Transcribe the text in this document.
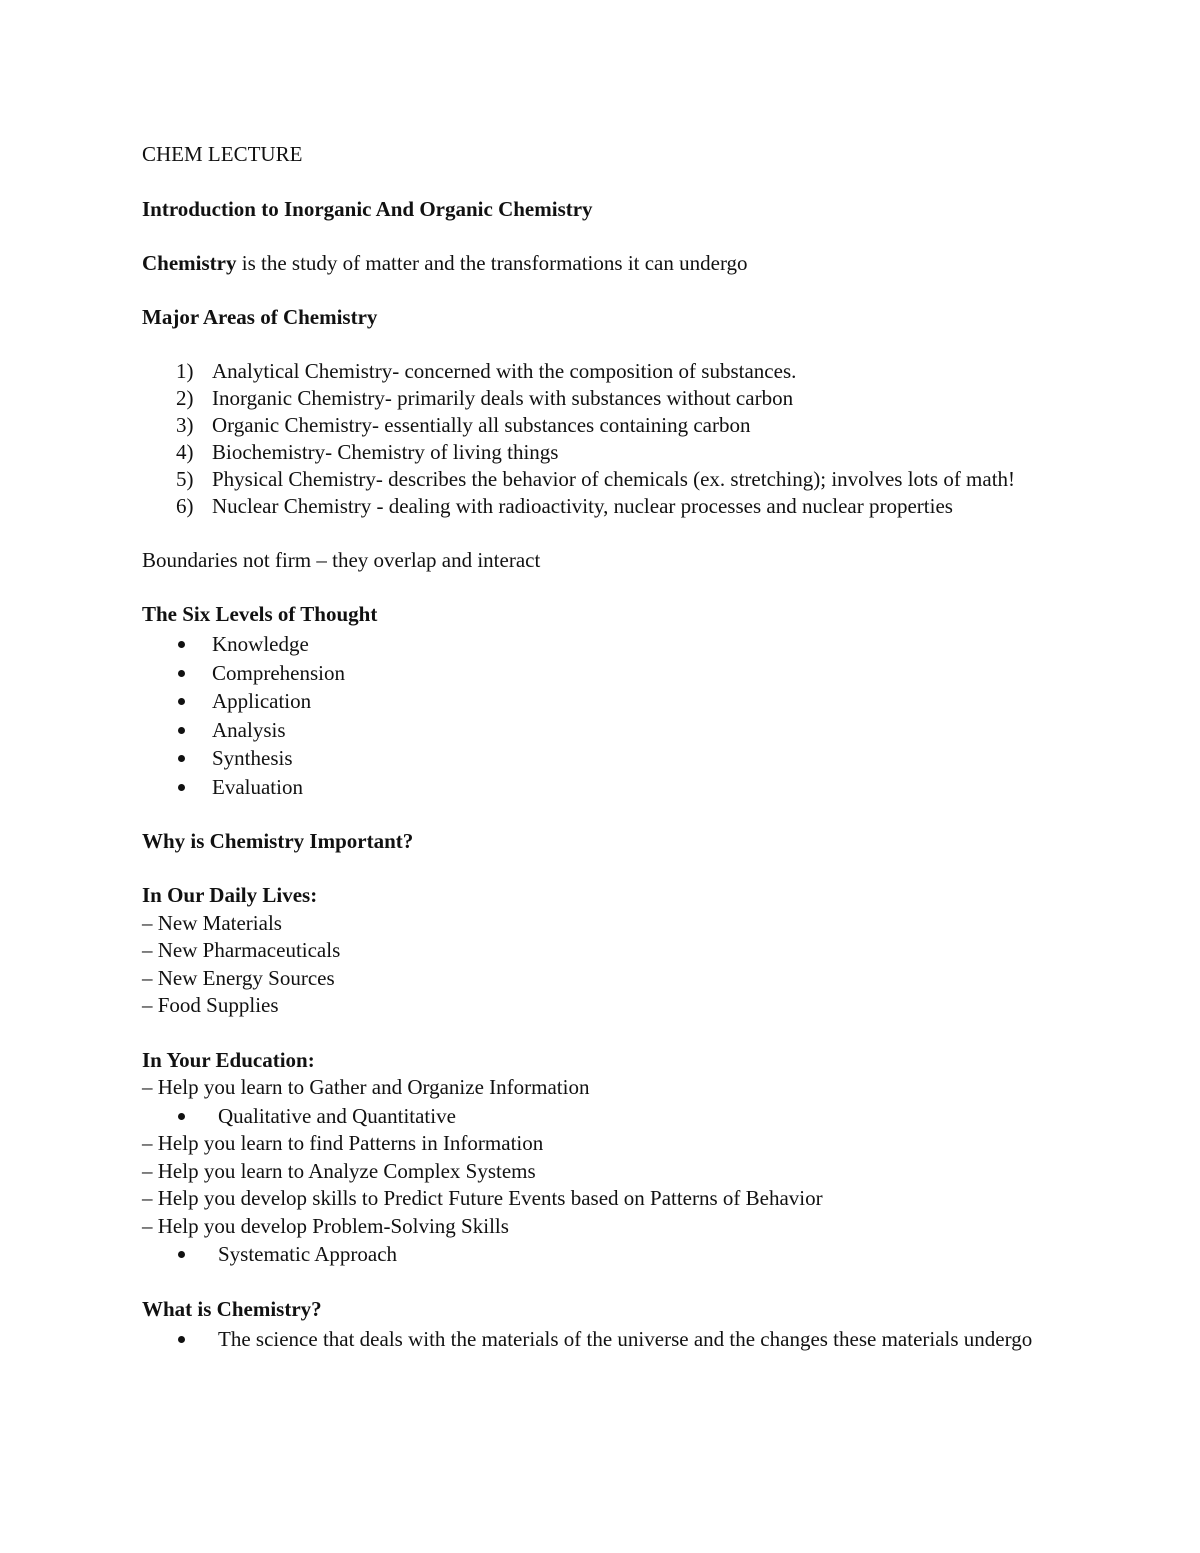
CHEM LECTURE

Introduction to Inorganic And Organic Chemistry

Chemistry is the study of matter and the transformations it can undergo

Major Areas of Chemistry

1) Analytical Chemistry- concerned with the composition of substances.
2) Inorganic Chemistry- primarily deals with substances without carbon
3) Organic Chemistry- essentially all substances containing carbon
4) Biochemistry- Chemistry of living things
5) Physical Chemistry- describes the behavior of chemicals (ex. stretching); involves lots of math!
6) Nuclear Chemistry - dealing with radioactivity, nuclear processes and nuclear properties

Boundaries not firm – they overlap and interact

The Six Levels of Thought

Knowledge
Comprehension
Application
Analysis
Synthesis
Evaluation

Why is Chemistry Important?

In Our Daily Lives:

– New Materials

– New Pharmaceuticals

– New Energy Sources

– Food Supplies

In Your Education:

– Help you learn to Gather and Organize Information

Qualitative and Quantitative

– Help you learn to find Patterns in Information

– Help you learn to Analyze Complex Systems

– Help you develop skills to Predict Future Events based on Patterns of Behavior

– Help you develop Problem-Solving Skills

Systematic Approach

What is Chemistry?

The science that deals with the materials of the universe and the changes these materials undergo
